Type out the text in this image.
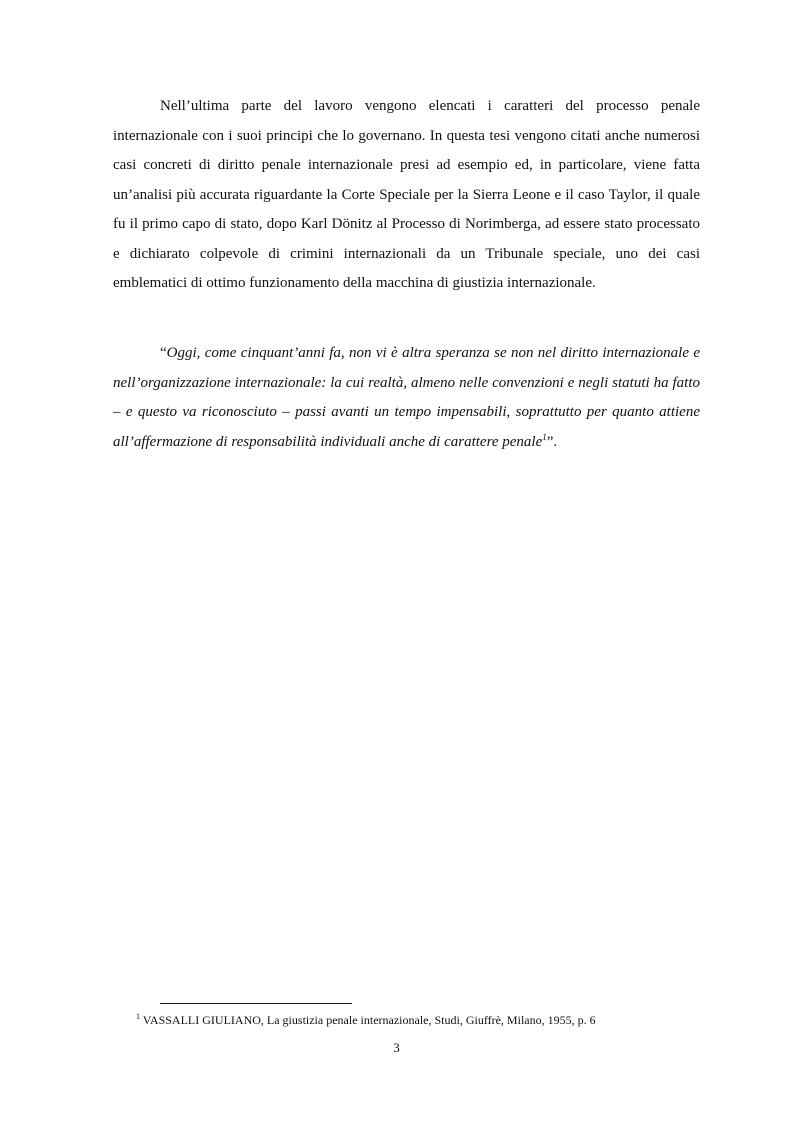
Nell’ultima parte del lavoro vengono elencati i caratteri del processo penale internazionale con i suoi principi che lo governano. In questa tesi vengono citati anche numerosi casi concreti di diritto penale internazionale presi ad esempio ed, in particolare, viene fatta un’analisi più accurata riguardante la Corte Speciale per la Sierra Leone e il caso Taylor, il quale fu il primo capo di stato, dopo Karl Dönitz al Processo di Norimberga, ad essere stato processato e dichiarato colpevole di crimini internazionali da un Tribunale speciale, uno dei casi emblematici di ottimo funzionamento della macchina di giustizia internazionale.

“Oggi, come cinquant’anni fa, non vi è altra speranza se non nel diritto internazionale e nell’organizzazione internazionale: la cui realtà, almeno nelle convenzioni e negli statuti ha fatto – e questo va riconosciuto – passi avanti un tempo impensabili, soprattutto per quanto attiene all’affermazione di responsabilità individuali anche di carattere penale$^1$”.

$^1$ VASSALLI GIULIANO, La giustizia penale internazionale, Studi, Giuffrè, Milano, 1955, p. 6

3
